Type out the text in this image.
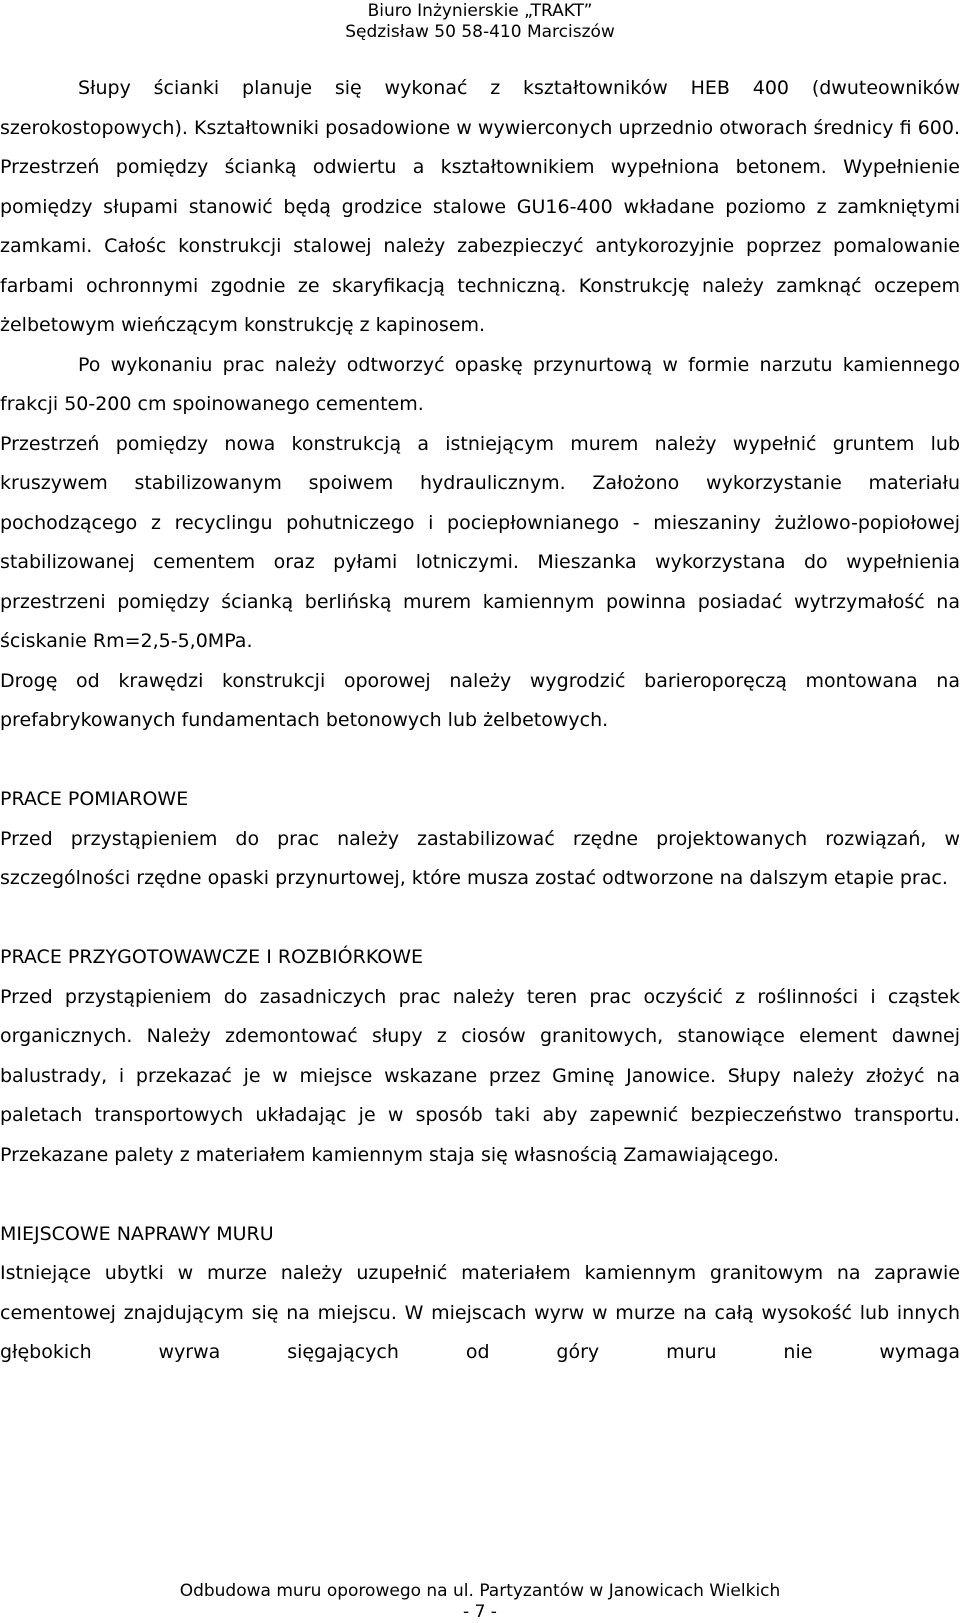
Biuro Inżynierskie „TRAKT”
Sędzisław 50 58-410 Marciszów

Słupy ścianki planuje się wykonać z kształtowników HEB 400 (dwuteowników szerokostopowych). Kształtowniki posadowione w wywierconych uprzednio otworach średnicy fi 600. Przestrzeń pomiędzy ścianką odwiertu a kształtownikiem wypełniona betonem. Wypełnienie pomiędzy słupami stanowić będą grodzice stalowe GU16-400 wkładane poziomo z zamkniętymi zamkami. Całośc konstrukcji stalowej należy zabezpieczyć antykorozyjnie poprzez pomalowanie farbami ochronnymi zgodnie ze skaryfikacją techniczną. Konstrukcję należy zamknąć oczepem żelbetowym wieńczącym konstrukcję z kapinosem.

Po wykonaniu prac należy odtworzyć opaskę przynurtową w formie narzutu kamiennego frakcji 50-200 cm spoinowanego cementem.

Przestrzeń pomiędzy nowa konstrukcją a istniejącym murem należy wypełnić gruntem lub kruszywem stabilizowanym spoiwem hydraulicznym. Założono wykorzystanie materiału pochodzącego z recyclingu pohutniczego i pociepłownianego - mieszaniny żużlowo-popiołowej stabilizowanej cementem oraz pyłami lotniczymi. Mieszanka wykorzystana do wypełnienia przestrzeni pomiędzy ścianką berlińską murem kamiennym powinna posiadać wytrzymałość na ściskanie Rm=2,5-5,0MPa.

Drogę od krawędzi konstrukcji oporowej należy wygrodzić barieroporęczą montowana na prefabrykowanych fundamentach betonowych lub żelbetowych.

PRACE POMIAROWE

Przed przystąpieniem do prac należy zastabilizować rzędne projektowanych rozwiązań, w szczególności rzędne opaski przynurtowej, które musza zostać odtworzone na dalszym etapie prac.

PRACE PRZYGOTOWAWCZE I ROZBIÓRKOWE

Przed przystąpieniem do zasadniczych prac należy teren prac oczyścić z roślinności i cząstek organicznych. Należy zdemontować słupy z ciosów granitowych, stanowiące element dawnej balustrady, i przekazać je w miejsce wskazane przez Gminę Janowice. Słupy należy złożyć na paletach transportowych układając je w sposób taki aby zapewnić bezpieczeństwo transportu. Przekazane palety z materiałem kamiennym staja się własnością Zamawiającego.

MIEJSCOWE NAPRAWY MURU

Istniejące ubytki w murze należy uzupełnić materiałem kamiennym granitowym na zaprawie cementowej znajdującym się na miejscu. W miejscach wyrw w murze na całą wysokość lub innych głębokich wyrwa sięgających od góry muru nie wymaga

Odbudowa muru oporowego na ul. Partyzantów w Janowicach Wielkich
- 7 -
